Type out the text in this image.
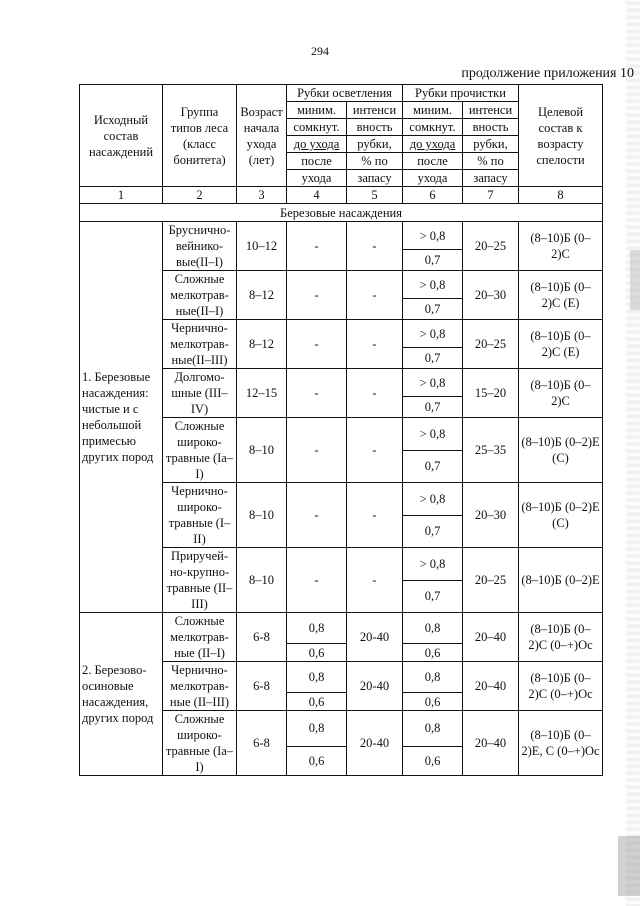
294
продолжение приложения 10
Исходный состав насаждений	Группа типов леса (класс бонитета)	Возраст начала ухода (лет)	Рубки осветления		Рубки прочистки		Целевой состав к возрасту спелости
			миним.	интенси	миним.	интенси	
			сомкнут.	вность	сомкнут.	вность	
			до ухода	рубки,	до ухода	рубки,	
			после	% по	после	% по	
			ухода	запасу	ухода	запасу	
1	2	3	4	5	6	7	8
Березовые насаждения							
1. Березовые насаждения: чистые и с небольшой примесью других пород	Бруснично-вейнико-вые(II–I)	10–12	-	-	> 0,8	20–25	(8–10)Б (0–2)С
					0,7		
	Сложные мелкотрав-ные(II–I)	8–12	-	-	> 0,8	20–30	(8–10)Б (0–2)С (Е)
					0,7		
	Чернично-мелкотрав-ные(II–III)	8–12	-	-	> 0,8	20–25	(8–10)Б (0–2)С (Е)
					0,7		
	Долгомо-шные (III–IV)	12–15	-	-	> 0,8	15–20	(8–10)Б (0–2)С
					0,7		
	Сложные широко-травные (Ia–I)	8–10	-	-	> 0,8	25–35	(8–10)Б (0–2)Е (С)
					0,7		
	Чернично-широко-травные (I–II)	8–10	-	-	> 0,8	20–30	(8–10)Б (0–2)Е (С)
					0,7		
	Приручей-но-крупно-травные (II–III)	8–10	-	-	> 0,8	20–25	(8–10)Б (0–2)Е
					0,7		
2. Березово-осиновые насаждения, других пород	Сложные мелкотрав-ные (II–I)	6-8	0,8	20-40	0,8	20–40	(8–10)Б (0–2)С (0–+)Ос
			0,6		0,6		
	Чернично-мелкотрав-ные (II–III)	6-8	0,8	20-40	0,8	20–40	(8–10)Б (0–2)С (0–+)Ос
			0,6		0,6		
	Сложные широко-травные (Ia–I)	6-8	0,8	20-40	0,8	20–40	(8–10)Б (0–2)Е, С (0–+)Ос
			0,6		0,6		
